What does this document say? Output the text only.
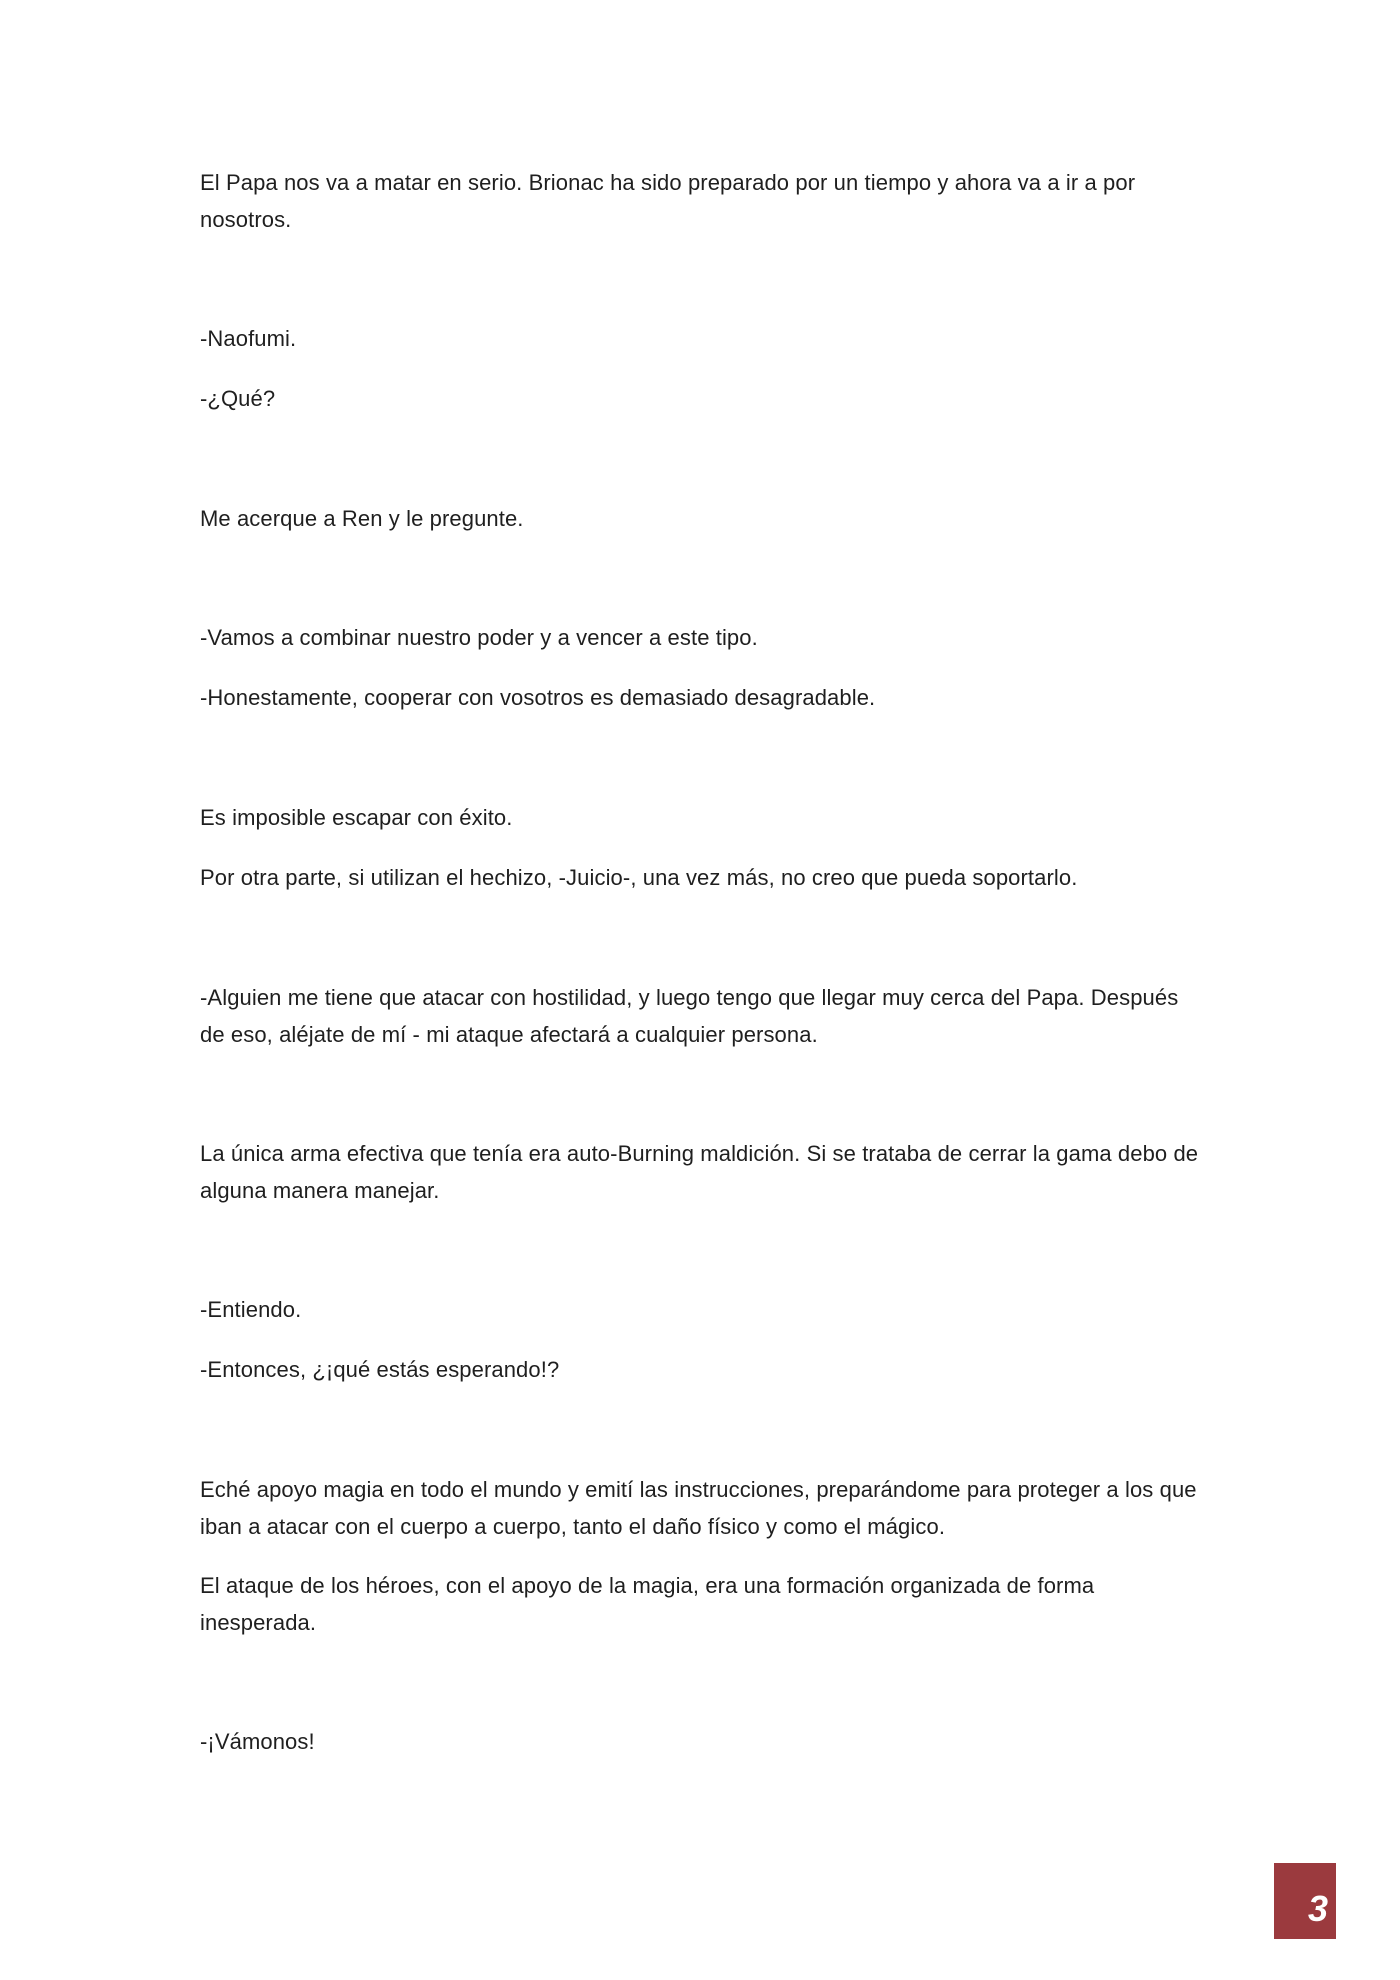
El Papa nos va a matar en serio. Brionac ha sido preparado por un tiempo y ahora va a ir a por nosotros.

-Naofumi.

-¿Qué?

Me acerque a Ren y le pregunte.

-Vamos a combinar nuestro poder y a vencer a este tipo.

-Honestamente, cooperar con vosotros es demasiado desagradable.

Es imposible escapar con éxito.

Por otra parte, si utilizan el hechizo, -Juicio-, una vez más, no creo que pueda soportarlo.

-Alguien me tiene que atacar con hostilidad, y luego tengo que llegar muy cerca del Papa. Después de eso, aléjate de mí - mi ataque afectará a cualquier persona.

La única arma efectiva que tenía era auto-Burning maldición. Si se trataba de cerrar la gama debo de alguna manera manejar.

-Entiendo.

-Entonces, ¿¡qué estás esperando!?

Eché apoyo magia en todo el mundo y emití las instrucciones, preparándome para proteger a los que iban a atacar con el cuerpo a cuerpo, tanto el daño físico y como el mágico.

El ataque de los héroes, con el apoyo de la magia, era una formación organizada de forma inesperada.

-¡Vámonos!

3
